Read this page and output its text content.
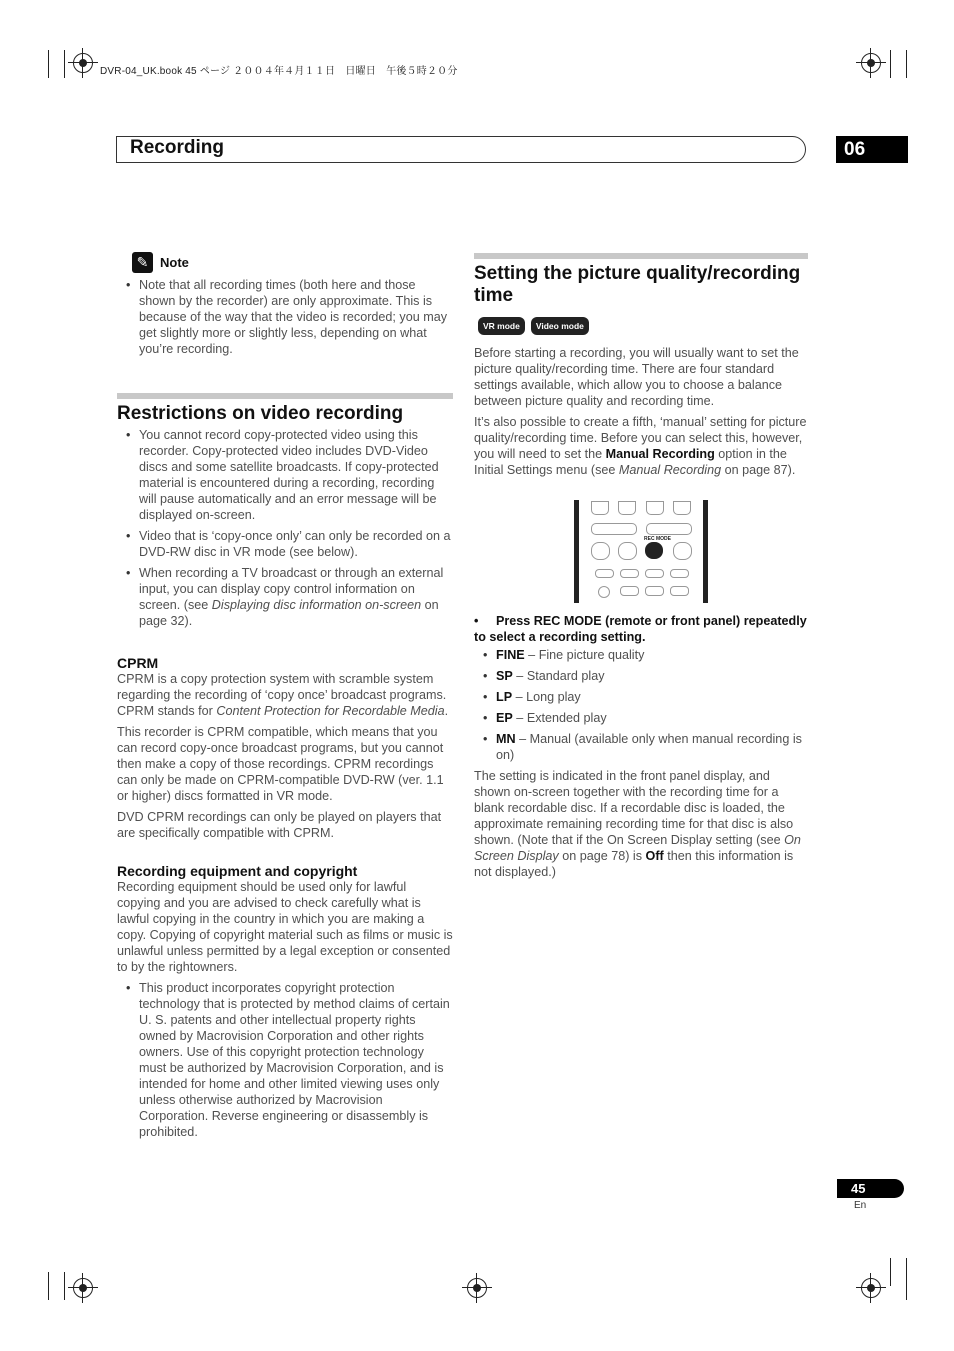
DVR-04_UK.book 45 ページ ２００４年４月１１日　日曜日　午後５時２０分
Recording	06
✎ Note
• Note that all recording times (both here and those shown by the recorder) are only approximate. This is because of the way that the video is recorded; you may get slightly more or slightly less, depending on what you’re recording.
Restrictions on video recording
• You cannot record copy-protected video using this recorder. Copy-protected video includes DVD-Video discs and some satellite broadcasts. If copy-protected material is encountered during a recording, recording will pause automatically and an error message will be displayed on-screen.
• Video that is ‘copy-once only’ can only be recorded on a DVD-RW disc in VR mode (see below).
• When recording a TV broadcast or through an external input, you can display copy control information on screen. (see Displaying disc information on-screen on page 32).
CPRM

CPRM is a copy protection system with scramble system regarding the recording of ‘copy once’ broadcast programs. CPRM stands for Content Protection for Recordable Media.

This recorder is CPRM compatible, which means that you can record copy-once broadcast programs, but you cannot then make a copy of those recordings. CPRM recordings can only be made on CPRM-compatible DVD-RW (ver. 1.1 or higher) discs formatted in VR mode.

DVD CPRM recordings can only be played on players that are specifically compatible with CPRM.

Recording equipment and copyright

Recording equipment should be used only for lawful copying and you are advised to check carefully what is lawful copying in the country in which you are making a copy. Copying of copyright material such as films or music is unlawful unless permitted by a legal exception or consented to by the rightowners.

• This product incorporates copyright protection technology that is protected by method claims of certain U. S. patents and other intellectual property rights owned by Macrovision Corporation and other rights owners. Use of this copyright protection technology must be authorized by Macrovision Corporation, and is intended for home and other limited viewing uses only unless otherwise authorized by Macrovision Corporation. Reverse engineering or disassembly is prohibited.
Setting the picture quality/recording time
VR mode Video mode

Before starting a recording, you will usually want to set the picture quality/recording time. There are four standard settings available, which allow you to choose a balance between picture quality and recording time.

It’s also possible to create a fifth, ‘manual’ setting for picture quality/recording time. Before you can select this, however, you will need to set the Manual Recording option in the Initial Settings menu (see Manual Recording on page 87).

REC MODE
•	Press REC MODE (remote or front panel) repeatedly to select a recording setting.
• FINE – Fine picture quality
• SP – Standard play
• LP – Long play
• EP – Extended play
• MN – Manual (available only when manual recording is on)

The setting is indicated in the front panel display, and shown on-screen together with the recording time for a blank recordable disc. If a recordable disc is loaded, the approximate remaining recording time for that disc is also shown. (Note that if the On Screen Display setting (see On Screen Display on page 78) is Off then this information is not displayed.)

45
En
